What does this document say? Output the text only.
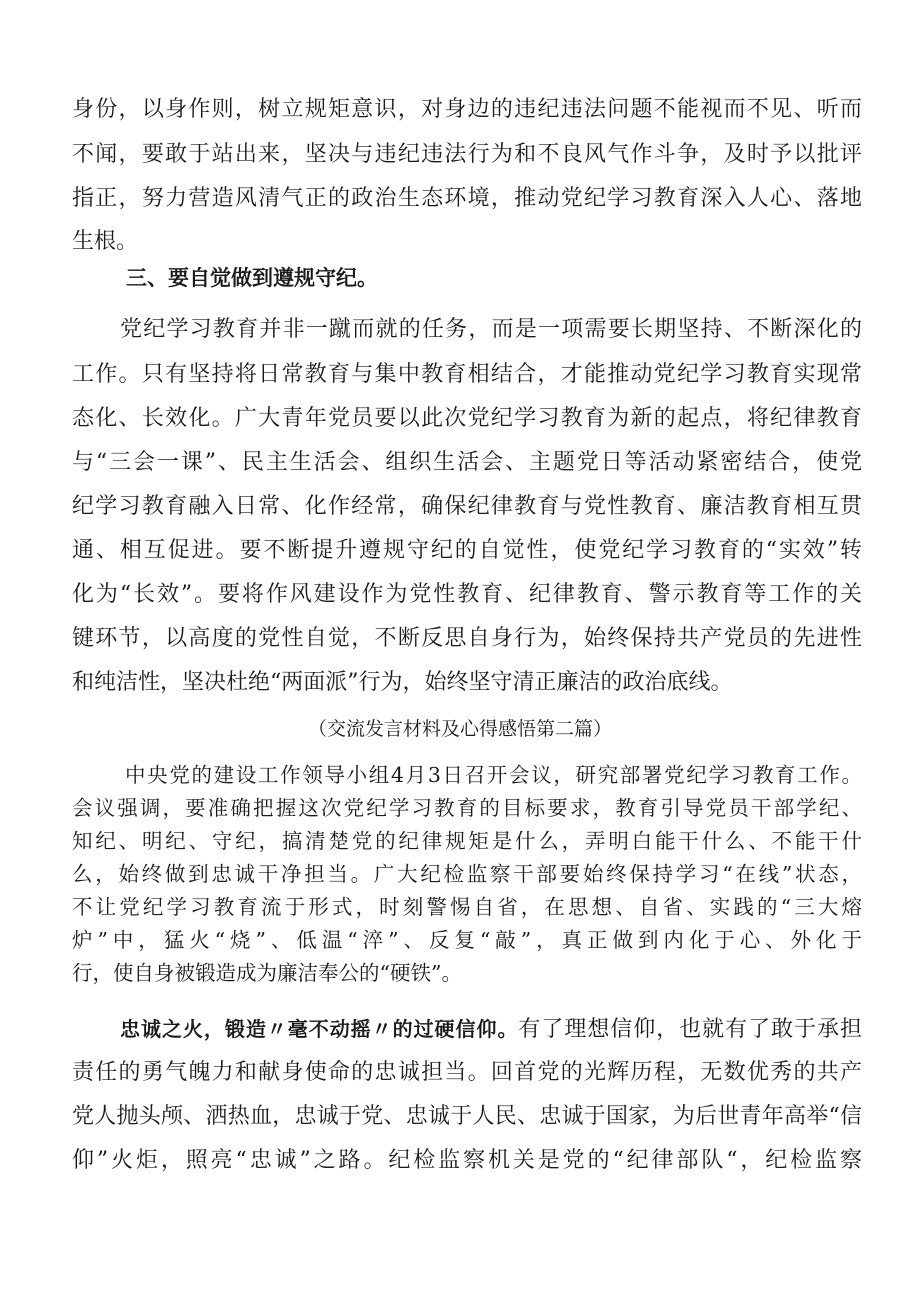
身份，以身作则，树立规矩意识，对身边的违纪违法问题不能视而不见、听而
不闻，要敢于站出来，坚决与违纪违法行为和不良风气作斗争，及时予以批评
指正，努力营造风清气正的政治生态环境，推动党纪学习教育深入人心、落地
生根。
三、要自觉做到遵规守纪。
党纪学习教育并非一蹴而就的任务，而是一项需要长期坚持、不断深化的
工作。只有坚持将日常教育与集中教育相结合，才能推动党纪学习教育实现常
态化、长效化。广大青年党员要以此次党纪学习教育为新的起点，将纪律教育
与“三会一课”、民主生活会、组织生活会、主题党日等活动紧密结合，使党
纪学习教育融入日常、化作经常，确保纪律教育与党性教育、廉洁教育相互贯
通、相互促进。要不断提升遵规守纪的自觉性，使党纪学习教育的“实效”转
化为“长效”。要将作风建设作为党性教育、纪律教育、警示教育等工作的关
键环节，以高度的党性自觉，不断反思自身行为，始终保持共产党员的先进性
和纯洁性，坚决杜绝“两面派”行为，始终坚守清正廉洁的政治底线。
（交流发言材料及心得感悟第二篇）
中央党的建设工作领导小组4月3日召开会议，研究部署党纪学习教育工作。
会议强调，要准确把握这次党纪学习教育的目标要求，教育引导党员干部学纪、
知纪、明纪、守纪，搞清楚党的纪律规矩是什么，弄明白能干什么、不能干什
么，始终做到忠诚干净担当。广大纪检监察干部要始终保持学习“在线”状态，
不让党纪学习教育流于形式，时刻警惕自省，在思想、自省、实践的“三大熔
炉”中，猛火“烧”、低温“淬”、反复“敲”，真正做到内化于心、外化于
行，使自身被锻造成为廉洁奉公的“硬铁”。
忠诚之火，锻造〃毫不动摇〃的过硬信仰。有了理想信仰，也就有了敢于承担
责任的勇气魄力和献身使命的忠诚担当。回首党的光辉历程，无数优秀的共产
党人抛头颅、洒热血，忠诚于党、忠诚于人民、忠诚于国家，为后世青年高举“信
仰”火炬，照亮“忠诚”之路。纪检监察机关是党的“纪律部队“，纪检监察
